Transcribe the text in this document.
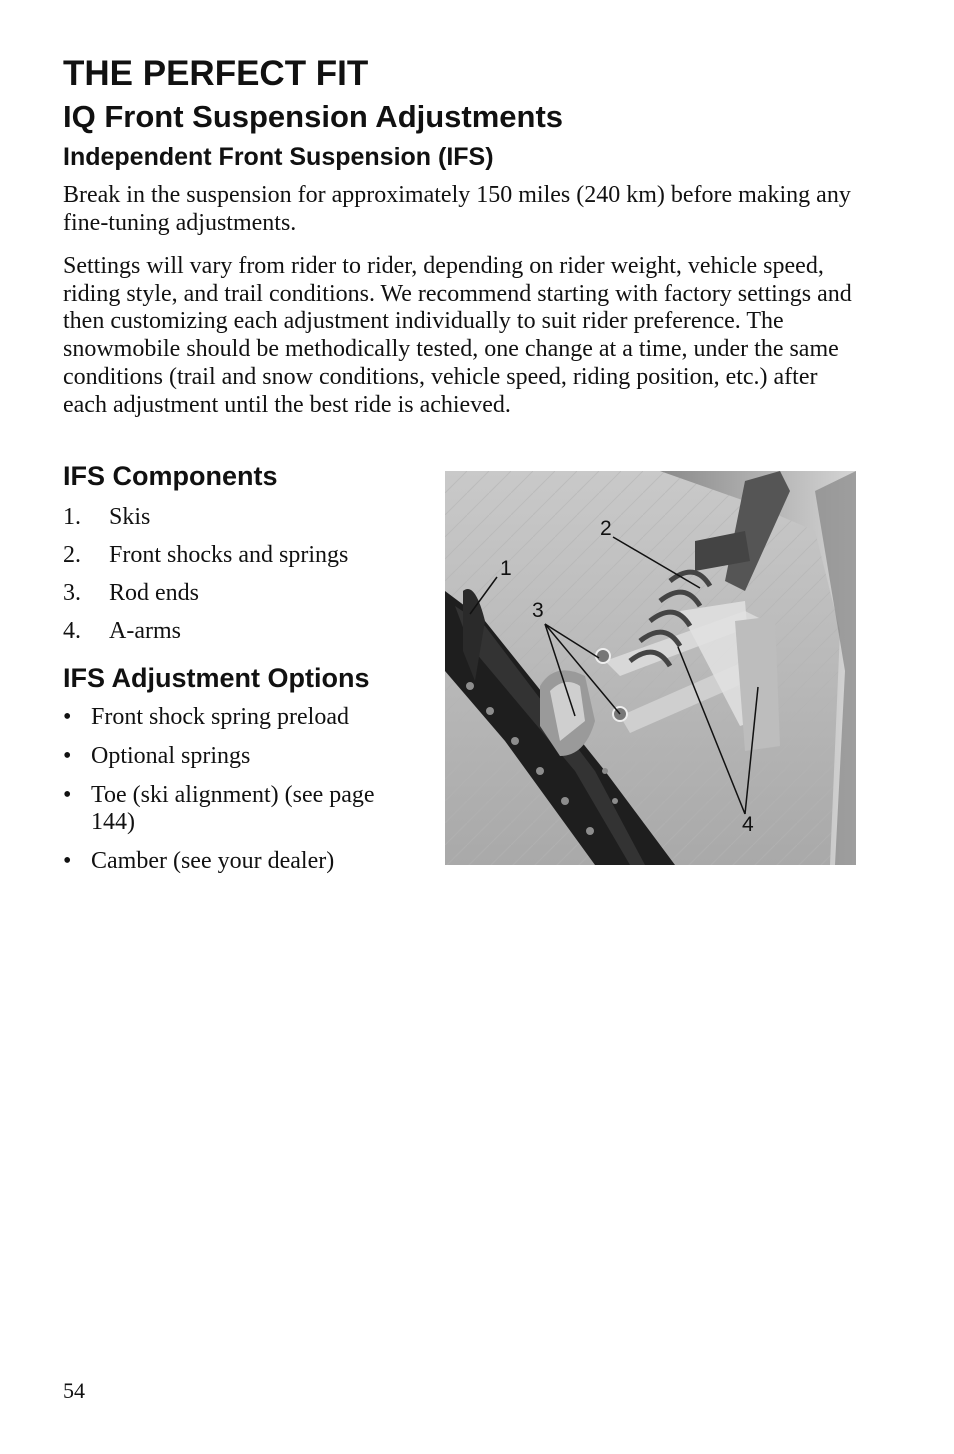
THE PERFECT FIT
IQ Front Suspension Adjustments
Independent Front Suspension (IFS)

Break in the suspension for approximately 150 miles (240 km) before making any fine-tuning adjustments.

Settings will vary from rider to rider, depending on rider weight, vehicle speed, riding style, and trail conditions. We recommend starting with factory settings and then customizing each adjustment individually to suit rider preference. The snowmobile should be methodically tested, one change at a time, under the same conditions (trail and snow conditions, vehicle speed, riding position, etc.) after each adjustment until the best ride is achieved.

IFS Components
1. Skis
2. Front shocks and springs
3. Rod ends
4. A-arms
IFS Adjustment Options
• Front shock spring preload
• Optional springs
• Toe (ski alignment) (see page 144)
• Camber (see your dealer)
2
1
3
4
54
